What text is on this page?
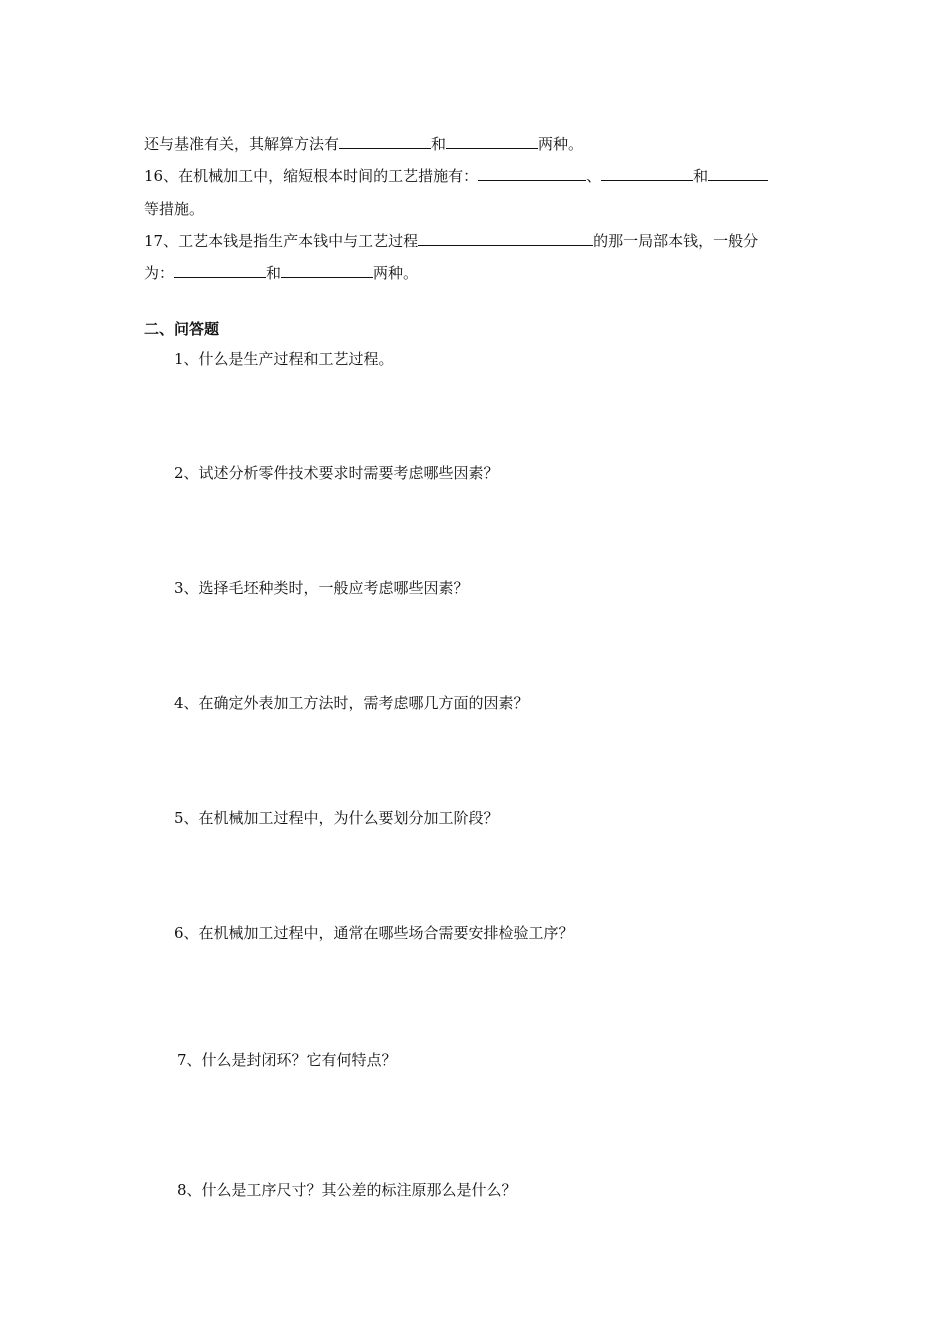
还与基准有关，其解算方法有	和	两种。
16、在机械加工中，缩短根本时间的工艺措施有：	、	和
等措施。
17、工艺本钱是指生产本钱中与工艺过程	的那一局部本钱，一般分
为：	和	两种。
二、问答题
1、什么是生产过程和工艺过程。
2、试述分析零件技术要求时需要考虑哪些因素？
3、选择毛坯种类时，一般应考虑哪些因素？
4、在确定外表加工方法时，需考虑哪几方面的因素？
5、在机械加工过程中，为什么要划分加工阶段？
6、在机械加工过程中，通常在哪些场合需要安排检验工序？
7、什么是封闭环？它有何特点？
8、什么是工序尺寸？其公差的标注原那么是什么？
